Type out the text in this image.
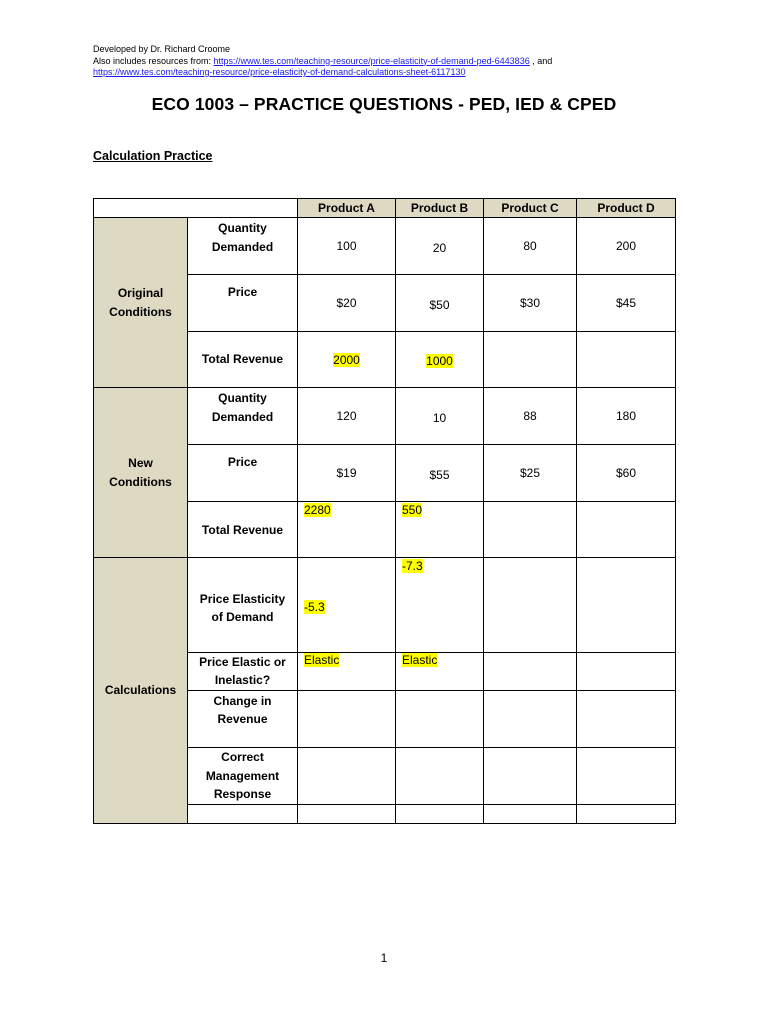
Developed by Dr. Richard Croome
Also includes resources from: https://www.tes.com/teaching-resource/price-elasticity-of-demand-ped-6443836 , and
https://www.tes.com/teaching-resource/price-elasticity-of-demand-calculations-sheet-6117130
ECO 1003 – PRACTICE QUESTIONS - PED, IED & CPED
Calculation Practice
		Product A	Product B	Product C	Product D

Original Conditions	Quantity Demanded	100	20	80	200
	Price	$20	$50	$30	$45
	Total Revenue	2000	1000		

New Conditions	Quantity Demanded	120	10	88	180
	Price	$19	$55	$25	$60
	Total Revenue	2280	550		
Calculations	Price Elasticity of Demand	-5.3	-7.3		

	Price Elastic or Inelastic?	Elastic	Elastic		

	Change in Revenue				

	Correct Management Response				

1
